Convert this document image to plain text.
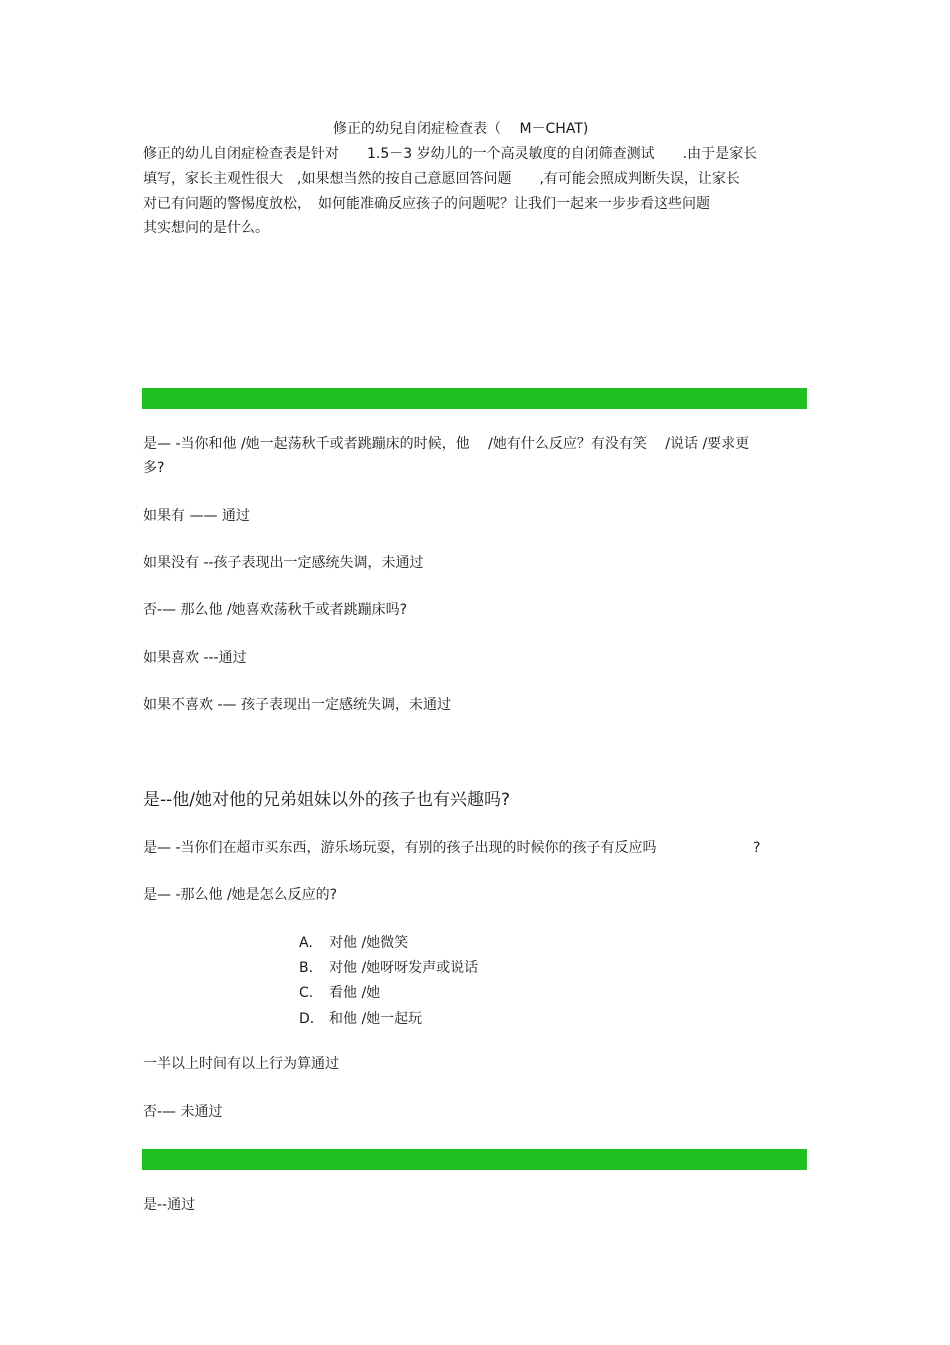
修正的幼兒自闭症检查表（　 M－CHAT)

修正的幼儿自闭症检查表是针对　　1.5－3 岁幼儿的一个高灵敏度的自闭筛查测试　　.由于是家长

填写，家长主观性很大　,如果想当然的按自己意愿回答问题　　,有可能会照成判断失误，让家长

对已有问题的警惕度放松，　如何能准确反应孩子的问题呢？让我们一起来一步步看这些问题

其实想问的是什么。

是— -当你和他 /她一起荡秋千或者跳蹦床的时候，他　 /她有什么反应？有没有笑　 /说话 /要求更

多?

如果有 —— 通过

如果没有 --孩子表现出一定感统失调，未通过

否-— 那么他 /她喜欢荡秋千或者跳蹦床吗?

如果喜欢 ---通过

如果不喜欢 -— 孩子表现出一定感统失调，未通过

是--他/她对他的兄弟姐妹以外的孩子也有兴趣吗?

是— -当你们在超市买东西，游乐场玩耍，有别的孩子出现的时候你的孩子有反应吗	?

是— -那么他 /她是怎么反应的?

A. 对他 /她微笑
B. 对他 /她呀呀发声或说话
C. 看他 /她
D. 和他 /她一起玩

一半以上时间有以上行为算通过

否-— 未通过

是--通过
